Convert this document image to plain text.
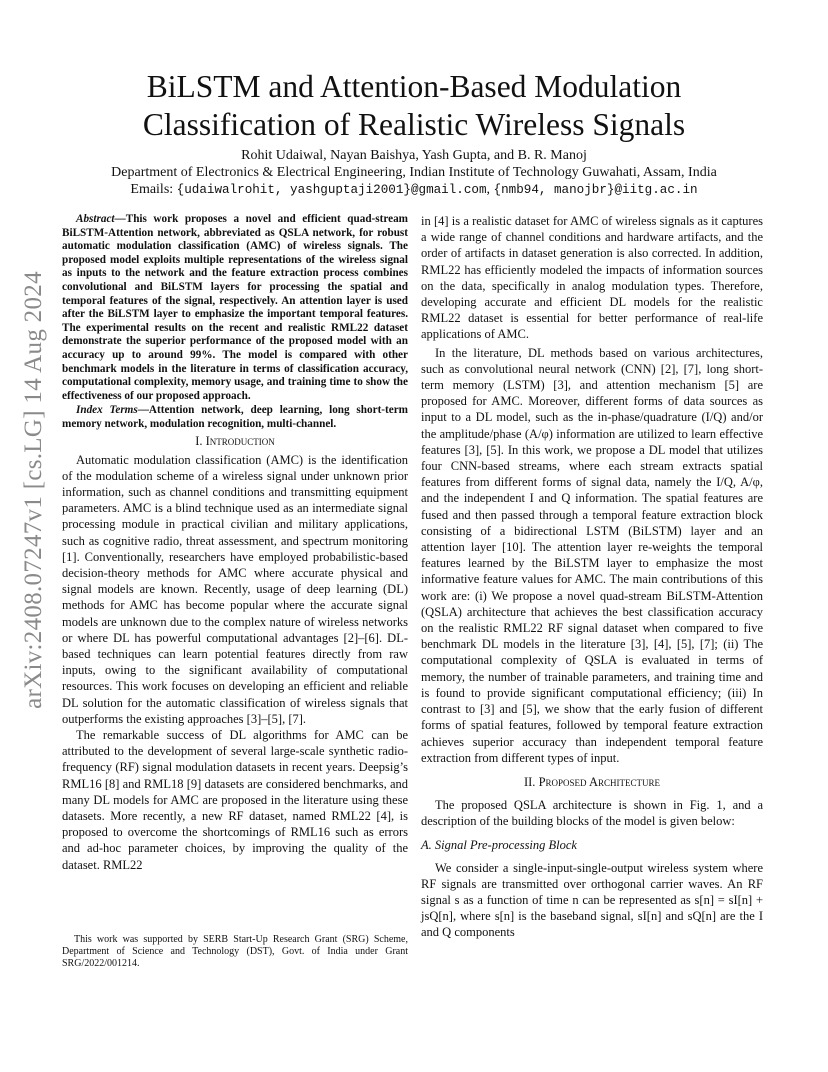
arXiv:2408.07247v1 [cs.LG] 14 Aug 2024
BiLSTM and Attention-Based Modulation
Classification of Realistic Wireless Signals
Rohit Udaiwal, Nayan Baishya, Yash Gupta, and B. R. Manoj
Department of Electronics & Electrical Engineering, Indian Institute of Technology Guwahati, Assam, India
Emails: {udaiwalrohit, yashguptaji2001}@gmail.com, {nmb94, manojbr}@iitg.ac.in

Abstract—This work proposes a novel and efficient quad-stream BiLSTM-Attention network, abbreviated as QSLA network, for robust automatic modulation classification (AMC) of wireless signals. The proposed model exploits multiple representations of the wireless signal as inputs to the network and the feature extraction process combines convolutional and BiLSTM layers for processing the spatial and temporal features of the signal, respectively. An attention layer is used after the BiLSTM layer to emphasize the important temporal features. The experimental results on the recent and realistic RML22 dataset demonstrate the superior performance of the proposed model with an accuracy up to around 99%. The model is compared with other benchmark models in the literature in terms of classification accuracy, computational complexity, memory usage, and training time to show the effectiveness of our proposed approach.

Index Terms—Attention network, deep learning, long short-term memory network, modulation recognition, multi-channel.

I. Introduction

Automatic modulation classification (AMC) is the identification of the modulation scheme of a wireless signal under unknown prior information, such as channel conditions and transmitting equipment parameters. AMC is a blind technique used as an intermediate signal processing module in practical civilian and military applications, such as cognitive radio, threat assessment, and spectrum monitoring [1]. Conventionally, researchers have employed probabilistic-based decision-theory methods for AMC where accurate physical and signal models are known. Recently, usage of deep learning (DL) methods for AMC has become popular where the accurate signal models are unknown due to the complex nature of wireless networks or where DL has powerful computational advantages [2]–[6]. DL-based techniques can learn potential features directly from raw inputs, owing to the significant availability of computational resources. This work focuses on developing an efficient and reliable DL solution for the automatic classification of wireless signals that outperforms the existing approaches [3]–[5], [7].

The remarkable success of DL algorithms for AMC can be attributed to the development of several large-scale synthetic radio-frequency (RF) signal modulation datasets in recent years. Deepsig’s RML16 [8] and RML18 [9] datasets are considered benchmarks, and many DL models for AMC are proposed in the literature using these datasets. More recently, a new RF dataset, named RML22 [4], is proposed to overcome the shortcomings of RML16 such as errors and ad-hoc parameter choices, by improving the quality of the dataset. RML22

This work was supported by SERB Start-Up Research Grant (SRG) Scheme, Department of Science and Technology (DST), Govt. of India under Grant SRG/2022/001214.

in [4] is a realistic dataset for AMC of wireless signals as it captures a wide range of channel conditions and hardware artifacts, and the order of artifacts in dataset generation is also corrected. In addition, RML22 has efficiently modeled the impacts of information sources on the data, specifically in analog modulation types. Therefore, developing accurate and efficient DL models for the realistic RML22 dataset is essential for better performance of real-life applications of AMC.

In the literature, DL methods based on various architectures, such as convolutional neural network (CNN) [2], [7], long short-term memory (LSTM) [3], and attention mechanism [5] are proposed for AMC. Moreover, different forms of data sources as input to a DL model, such as the in-phase/quadrature (I/Q) and/or the amplitude/phase (A/φ) information are utilized to learn effective features [3], [5]. In this work, we propose a DL model that utilizes four CNN-based streams, where each stream extracts spatial features from different forms of signal data, namely the I/Q, A/φ, and the independent I and Q information. The spatial features are fused and then passed through a temporal feature extraction block consisting of a bidirectional LSTM (BiLSTM) layer and an attention layer [10]. The attention layer re-weights the temporal features learned by the BiLSTM layer to emphasize the most informative feature values for AMC. The main contributions of this work are: (i) We propose a novel quad-stream BiLSTM-Attention (QSLA) architecture that achieves the best classification accuracy on the realistic RML22 RF signal dataset when compared to five benchmark DL models in the literature [3], [4], [5], [7]; (ii) The computational complexity of QSLA is evaluated in terms of memory, the number of trainable parameters, and training time and is found to provide significant computational efficiency; (iii) In contrast to [3] and [5], we show that the early fusion of different forms of spatial features, followed by temporal feature extraction achieves superior accuracy than independent temporal feature extraction from different types of input.

II. Proposed Architecture

The proposed QSLA architecture is shown in Fig. 1, and a description of the building blocks of the model is given below:

A. Signal Pre-processing Block

We consider a single-input-single-output wireless system where RF signals are transmitted over orthogonal carrier waves. An RF signal s as a function of time n can be represented as s[n] = sI[n] + jsQ[n], where s[n] is the baseband signal, sI[n] and sQ[n] are the I and Q components
